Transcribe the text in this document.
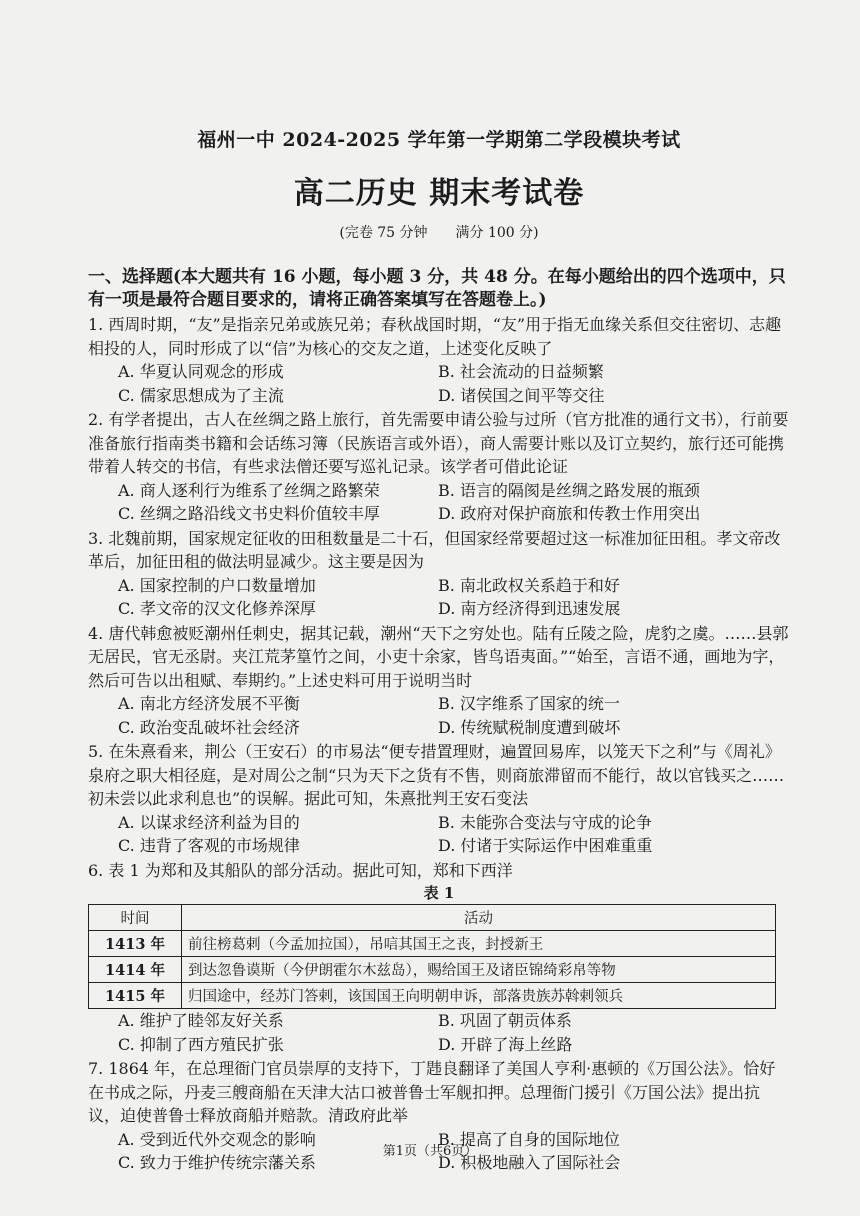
福州一中 2024-2025 学年第一学期第二学段模块考试

高二历史 期末考试卷

(完卷 75 分钟 满分 100 分)

一、选择题(本大题共有 16 小题，每小题 3 分，共 48 分。在每小题给出的四个选项中，只有一项是最符合题目要求的，请将正确答案填写在答题卷上。)

1. 西周时期，“友”是指亲兄弟或族兄弟；春秋战国时期，“友”用于指无血缘关系但交往密切、志趣相投的人，同时形成了以“信”为核心的交友之道，上述变化反映了

A. 华夏认同观念的形成	B. 社会流动的日益频繁
C. 儒家思想成为了主流	D. 诸侯国之间平等交往

2. 有学者提出，古人在丝绸之路上旅行，首先需要申请公验与过所（官方批准的通行文书），行前要准备旅行指南类书籍和会话练习簿（民族语言或外语），商人需要计账以及订立契约，旅行还可能携带着人转交的书信，有些求法僧还要写巡礼记录。该学者可借此论证

A. 商人逐利行为维系了丝绸之路繁荣	B. 语言的隔阂是丝绸之路发展的瓶颈
C. 丝绸之路沿线文书史料价值较丰厚	D. 政府对保护商旅和传教士作用突出

3. 北魏前期，国家规定征收的田租数量是二十石，但国家经常要超过这一标准加征田租。孝文帝改革后，加征田租的做法明显减少。这主要是因为

A. 国家控制的户口数量增加	B. 南北政权关系趋于和好
C. 孝文帝的汉文化修养深厚	D. 南方经济得到迅速发展

4. 唐代韩愈被贬潮州任刺史，据其记载，潮州“天下之穷处也。陆有丘陵之险，虎豹之虞。……县郭无居民，官无丞尉。夹江荒茅篁竹之间，小吏十余家，皆鸟语夷面。”“始至，言语不通，画地为字，然后可告以出租赋、奉期约。”上述史料可用于说明当时

A. 南北方经济发展不平衡	B. 汉字维系了国家的统一
C. 政治变乱破坏社会经济	D. 传统赋税制度遭到破坏

5. 在朱熹看来，荆公（王安石）的市易法“便专措置理财，遍置回易库，以笼天下之利”与《周礼》泉府之职大相径庭，是对周公之制“只为天下之货有不售，则商旅滞留而不能行，故以官钱买之……初未尝以此求利息也”的误解。据此可知，朱熹批判王安石变法

A. 以谋求经济利益为目的	B. 未能弥合变法与守成的论争
C. 违背了客观的市场规律	D. 付诸于实际运作中困难重重

6. 表 1 为郑和及其船队的部分活动。据此可知，郑和下西洋

表 1
时间	活动
1413 年	前往榜葛剌（今孟加拉国），吊唁其国王之丧，封授新王
1414 年	到达忽鲁谟斯（今伊朗霍尔木兹岛），赐给国王及诸臣锦绮彩帛等物
1415 年	归国途中，经苏门答剌，该国国王向明朝申诉，部落贵族苏斡剌领兵
A. 维护了睦邻友好关系	B. 巩固了朝贡体系
C. 抑制了西方殖民扩张	D. 开辟了海上丝路

7. 1864 年，在总理衙门官员崇厚的支持下，丁韪良翻译了美国人亨利·惠顿的《万国公法》。恰好在书成之际，丹麦三艘商船在天津大沽口被普鲁士军舰扣押。总理衙门援引《万国公法》提出抗议，迫使普鲁士释放商船并赔款。清政府此举

A. 受到近代外交观念的影响	B. 提高了自身的国际地位
C. 致力于维护传统宗藩关系	D. 积极地融入了国际社会
第1页（共6页）
